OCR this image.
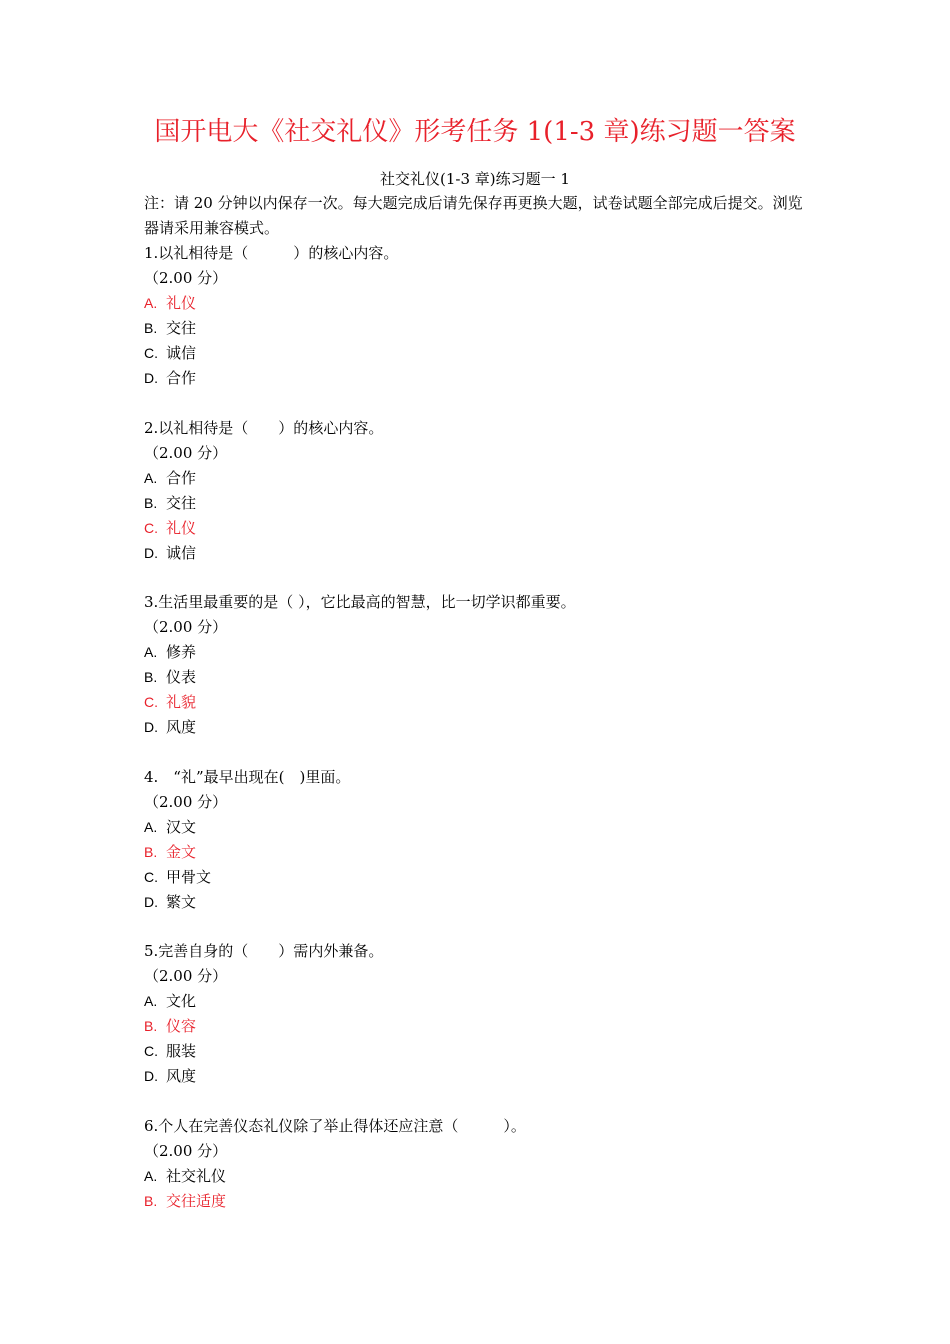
国开电大《社交礼仪》形考任务 1(1-3 章)练习题一答案
社交礼仪(1-3 章)练习题一 1
注：请 20 分钟以内保存一次。每大题完成后请先保存再更换大题，试卷试题全部完成后提交。浏览器请采用兼容模式。
1.以礼相待是（　　　）的核心内容。
（2.00 分）
A. 礼仪
B. 交往
C. 诚信
D. 合作
2.以礼相待是（　　）的核心内容。
（2.00 分）
A. 合作
B. 交往
C. 礼仪
D. 诚信
3.生活里最重要的是（ ），它比最高的智慧，比一切学识都重要。
（2.00 分）
A. 修养
B. 仪表
C. 礼貌
D. 风度
4.　“礼”最早出现在(　)里面。
（2.00 分）
A. 汉文
B. 金文
C. 甲骨文
D. 繁文
5.完善自身的（　　）需内外兼备。
（2.00 分）
A. 文化
B. 仪容
C. 服装
D. 风度
6.个人在完善仪态礼仪除了举止得体还应注意（　　　）。
（2.00 分）
A. 社交礼仪
B. 交往适度
